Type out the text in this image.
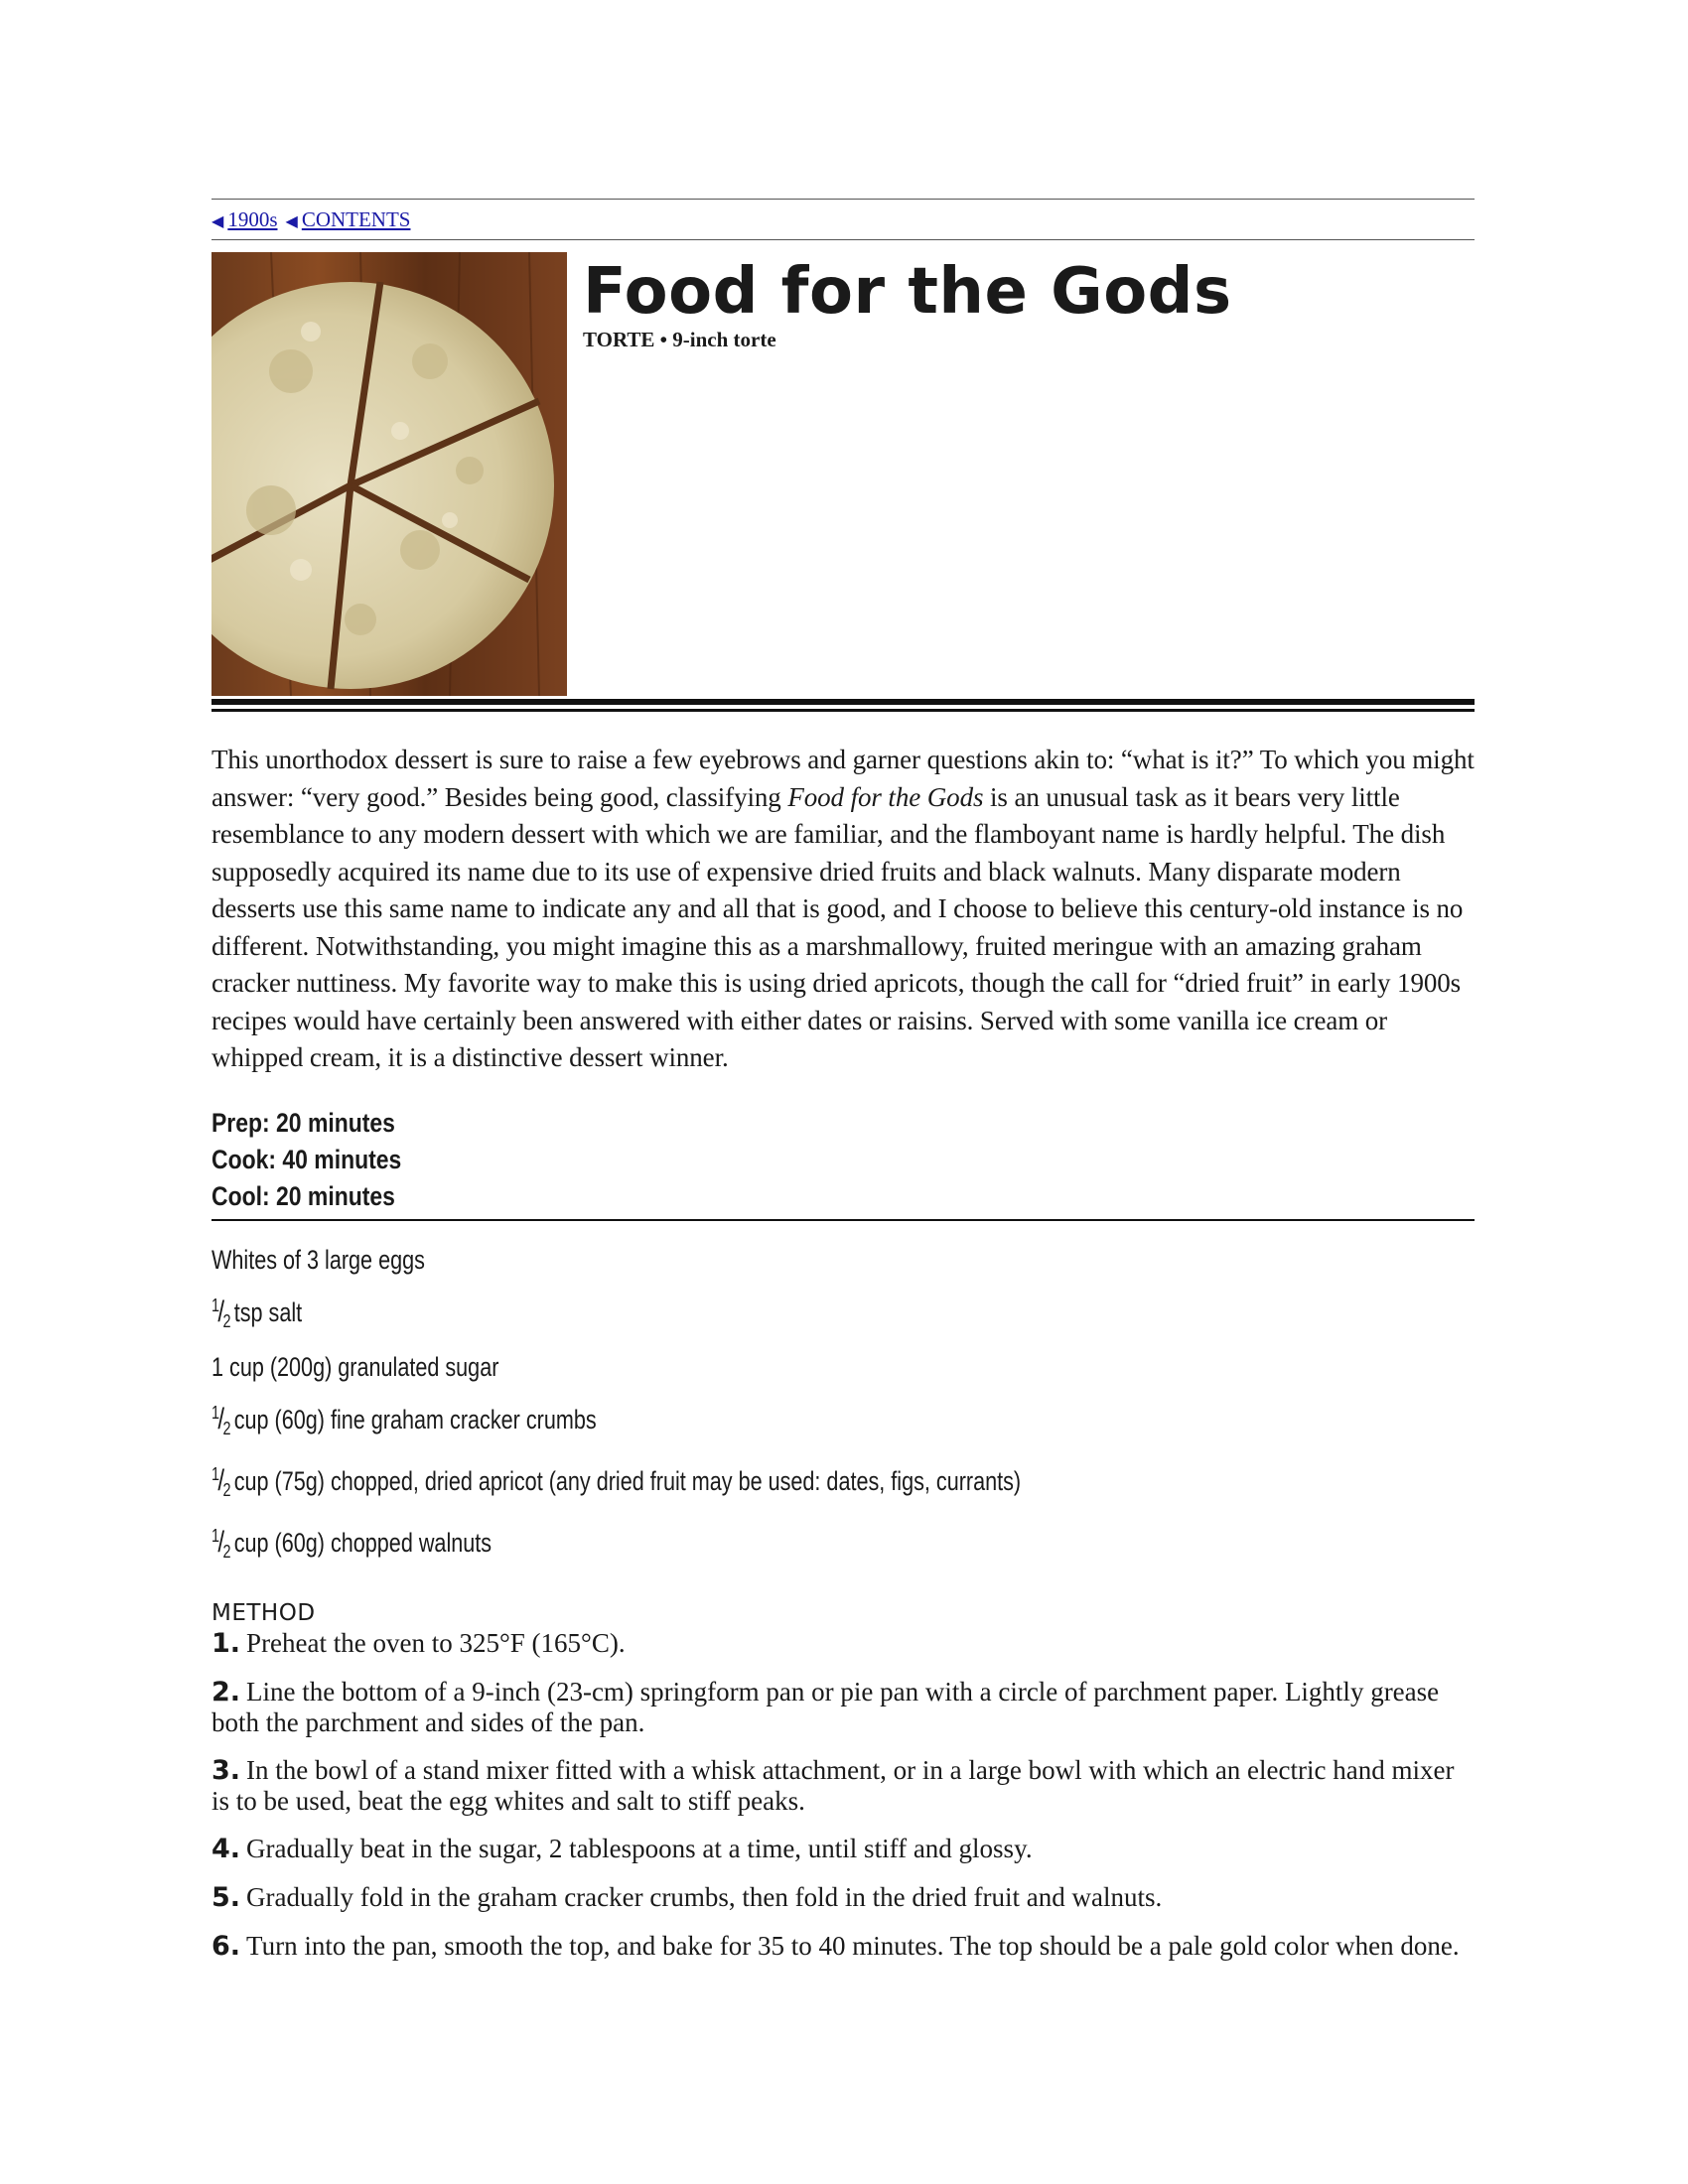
◀ 1900s ◀ CONTENTS
Food for the Gods
TORTE • 9-inch torte

This unorthodox dessert is sure to raise a few eyebrows and garner questions akin to: “what is it?” To which you might answer: “very good.” Besides being good, classifying Food for the Gods is an unusual task as it bears very little resemblance to any modern dessert with which we are familiar, and the flamboyant name is hardly helpful. The dish supposedly acquired its name due to its use of expensive dried fruits and black walnuts. Many disparate modern desserts use this same name to indicate any and all that is good, and I choose to believe this century-old instance is no different. Notwithstanding, you might imagine this as a marshmallowy, fruited meringue with an amazing graham cracker nuttiness. My favorite way to make this is using dried apricots, though the call for “dried fruit” in early 1900s recipes would have certainly been answered with either dates or raisins. Served with some vanilla ice cream or whipped cream, it is a distinctive dessert winner.

Prep: 20 minutes
Cook: 40 minutes
Cool: 20 minutes
Whites of 3 large eggs
$^1/_2$ tsp salt
1 cup (200g) granulated sugar
$^1/_2$ cup (60g) fine graham cracker crumbs
$^1/_2$ cup (75g) chopped, dried apricot (any dried fruit may be used: dates, figs, currants)
$^1/_2$ cup (60g) chopped walnuts
METHOD
1. Preheat the oven to 325°F (165°C).
2. Line the bottom of a 9-inch (23-cm) springform pan or pie pan with a circle of parchment paper. Lightly grease both the parchment and sides of the pan.
3. In the bowl of a stand mixer fitted with a whisk attachment, or in a large bowl with which an electric hand mixer is to be used, beat the egg whites and salt to stiff peaks.
4. Gradually beat in the sugar, 2 tablespoons at a time, until stiff and glossy.
5. Gradually fold in the graham cracker crumbs, then fold in the dried fruit and walnuts.
6. Turn into the pan, smooth the top, and bake for 35 to 40 minutes. The top should be a pale gold color when done.
